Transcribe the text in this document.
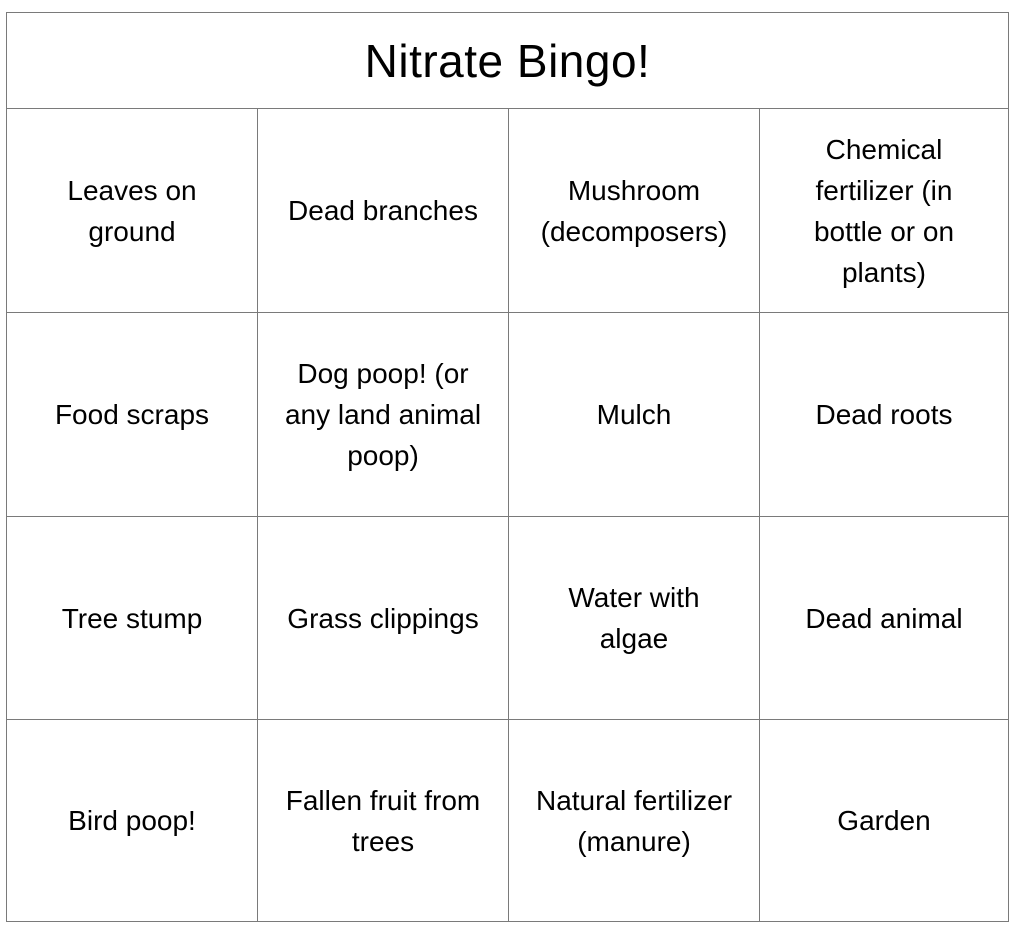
Nitrate Bingo!
Leaves on
ground
Dead branches
Mushroom
(decomposers)
Chemical
fertilizer (in
bottle or on
plants)
Food scraps
Dog poop! (or
any land animal
poop)
Mulch	Dead roots
Tree stump	Grass clippings
Water with
algae
Dead animal
Bird poop!
Fallen fruit from
trees
Natural fertilizer
(manure)
Garden
